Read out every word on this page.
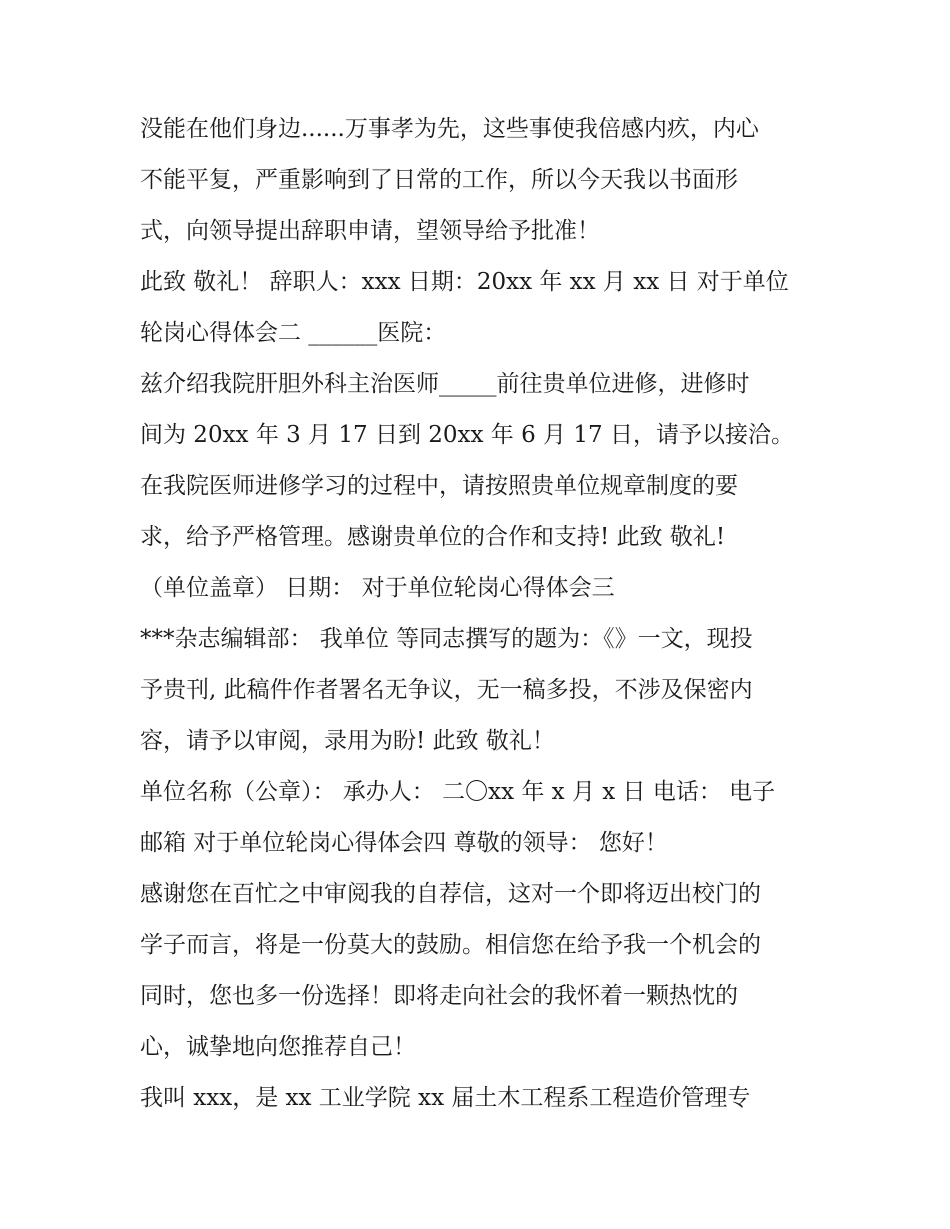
没能在他们身边......万事孝为先，这些事使我倍感内疚，内心
不能平复，严重影响到了日常的工作，所以今天我以书面形
式，向领导提出辞职申请，望领导给予批准！

此致 敬礼！ 辞职人：xxx 日期：20xx 年 xx 月 xx 日 对于单位
轮岗心得体会二 ______医院：

兹介绍我院肝胆外科主治医师_____前往贵单位进修，进修时
间为 20xx 年 3 月 17 日到 20xx 年 6 月 17 日，请予以接洽。

在我院医师进修学习的过程中，请按照贵单位规章制度的要
求，给予严格管理。感谢贵单位的合作和支持! 此致 敬礼!
（单位盖章） 日期： 对于单位轮岗心得体会三

***杂志编辑部： 我单位 等同志撰写的题为：《》一文，现投
予贵刊, 此稿件作者署名无争议，无一稿多投，不涉及保密内
容，请予以审阅，录用为盼! 此致 敬礼！

单位名称（公章）： 承办人： 二〇xx 年 x 月 x 日 电话： 电子
邮箱 对于单位轮岗心得体会四 尊敬的领导： 您好！

感谢您在百忙之中审阅我的自荐信，这对一个即将迈出校门的
学子而言，将是一份莫大的鼓励。相信您在给予我一个机会的
同时，您也多一份选择！即将走向社会的我怀着一颗热忱的
心，诚挚地向您推荐自己！

我叫 xxx，是 xx 工业学院 xx 届土木工程系工程造价管理专
